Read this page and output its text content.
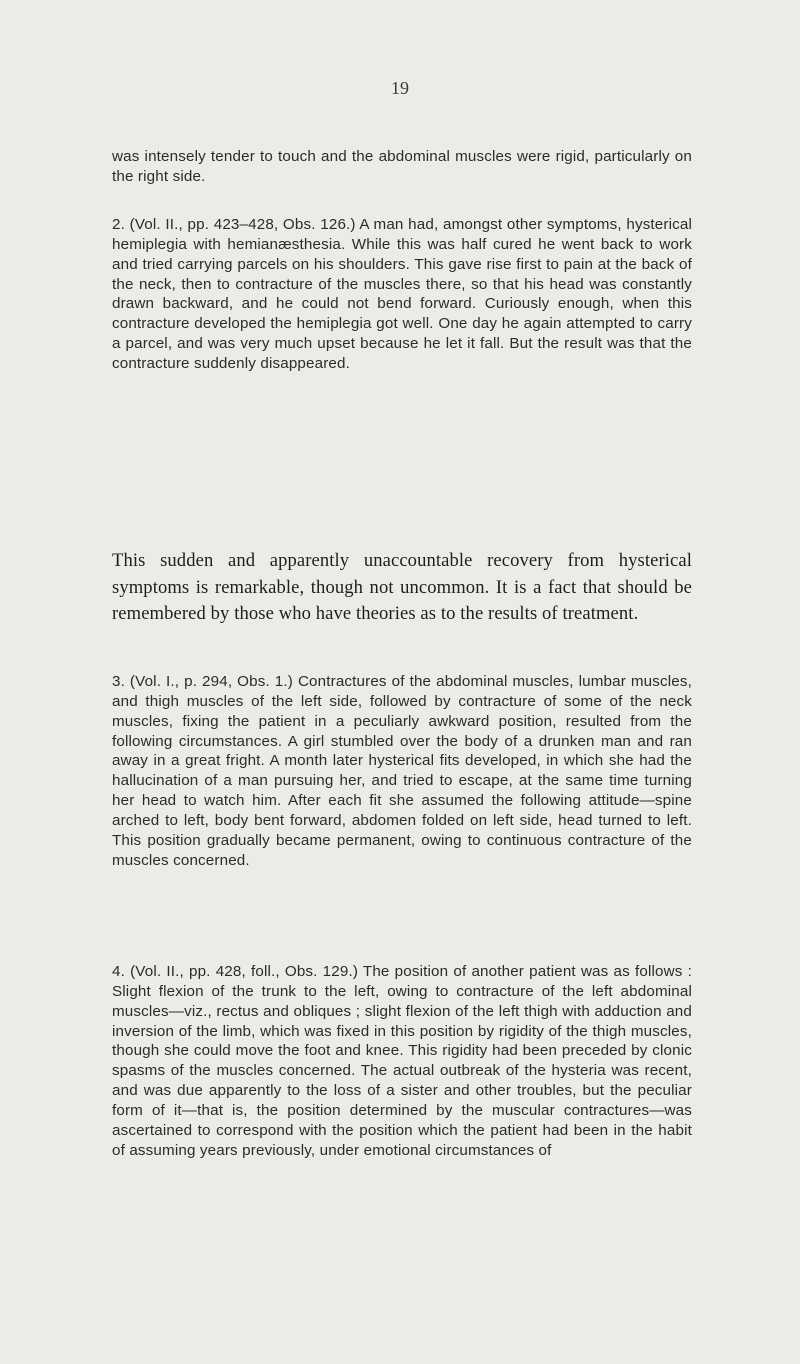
19

was intensely tender to touch and the abdominal muscles were rigid, particularly on the right side.

2. (Vol. II., pp. 423–428, Obs. 126.) A man had, amongst other symptoms, hysterical hemiplegia with hemianæsthesia. While this was half cured he went back to work and tried carrying parcels on his shoulders. This gave rise first to pain at the back of the neck, then to contracture of the muscles there, so that his head was constantly drawn backward, and he could not bend forward. Curiously enough, when this contracture developed the hemiplegia got well. One day he again attempted to carry a parcel, and was very much upset because he let it fall. But the result was that the contracture suddenly disappeared.

This sudden and apparently unaccountable recovery from hysterical symptoms is remarkable, though not uncommon. It is a fact that should be remembered by those who have theories as to the results of treatment.

3. (Vol. I., p. 294, Obs. 1.) Contractures of the abdominal muscles, lumbar muscles, and thigh muscles of the left side, followed by contracture of some of the neck muscles, fixing the patient in a peculiarly awkward position, resulted from the following circumstances. A girl stumbled over the body of a drunken man and ran away in a great fright. A month later hysterical fits developed, in which she had the hallucination of a man pursuing her, and tried to escape, at the same time turning her head to watch him. After each fit she assumed the following attitude—spine arched to left, body bent forward, abdomen folded on left side, head turned to left. This position gradually became permanent, owing to continuous contracture of the muscles concerned.

4. (Vol. II., pp. 428, foll., Obs. 129.) The position of another patient was as follows : Slight flexion of the trunk to the left, owing to contracture of the left abdominal muscles—viz., rectus and obliques ; slight flexion of the left thigh with adduction and inversion of the limb, which was fixed in this position by rigidity of the thigh muscles, though she could move the foot and knee. This rigidity had been preceded by clonic spasms of the muscles concerned. The actual outbreak of the hysteria was recent, and was due apparently to the loss of a sister and other troubles, but the peculiar form of it—that is, the position determined by the muscular contractures—was ascertained to correspond with the position which the patient had been in the habit of assuming years previously, under emotional circumstances of
